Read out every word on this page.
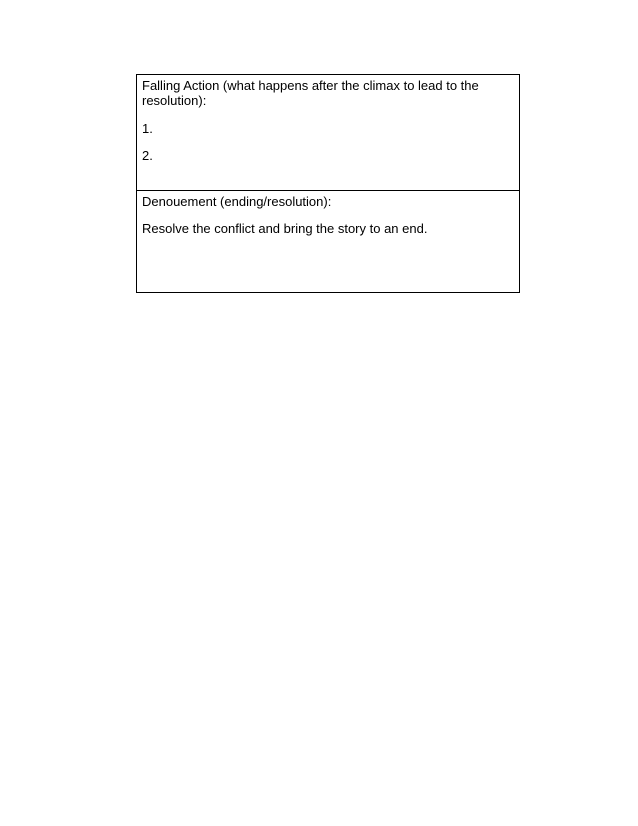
Falling Action (what happens after the climax to lead to the resolution):

1.

2.

Denouement (ending/resolution):

Resolve the conflict and bring the story to an end.
